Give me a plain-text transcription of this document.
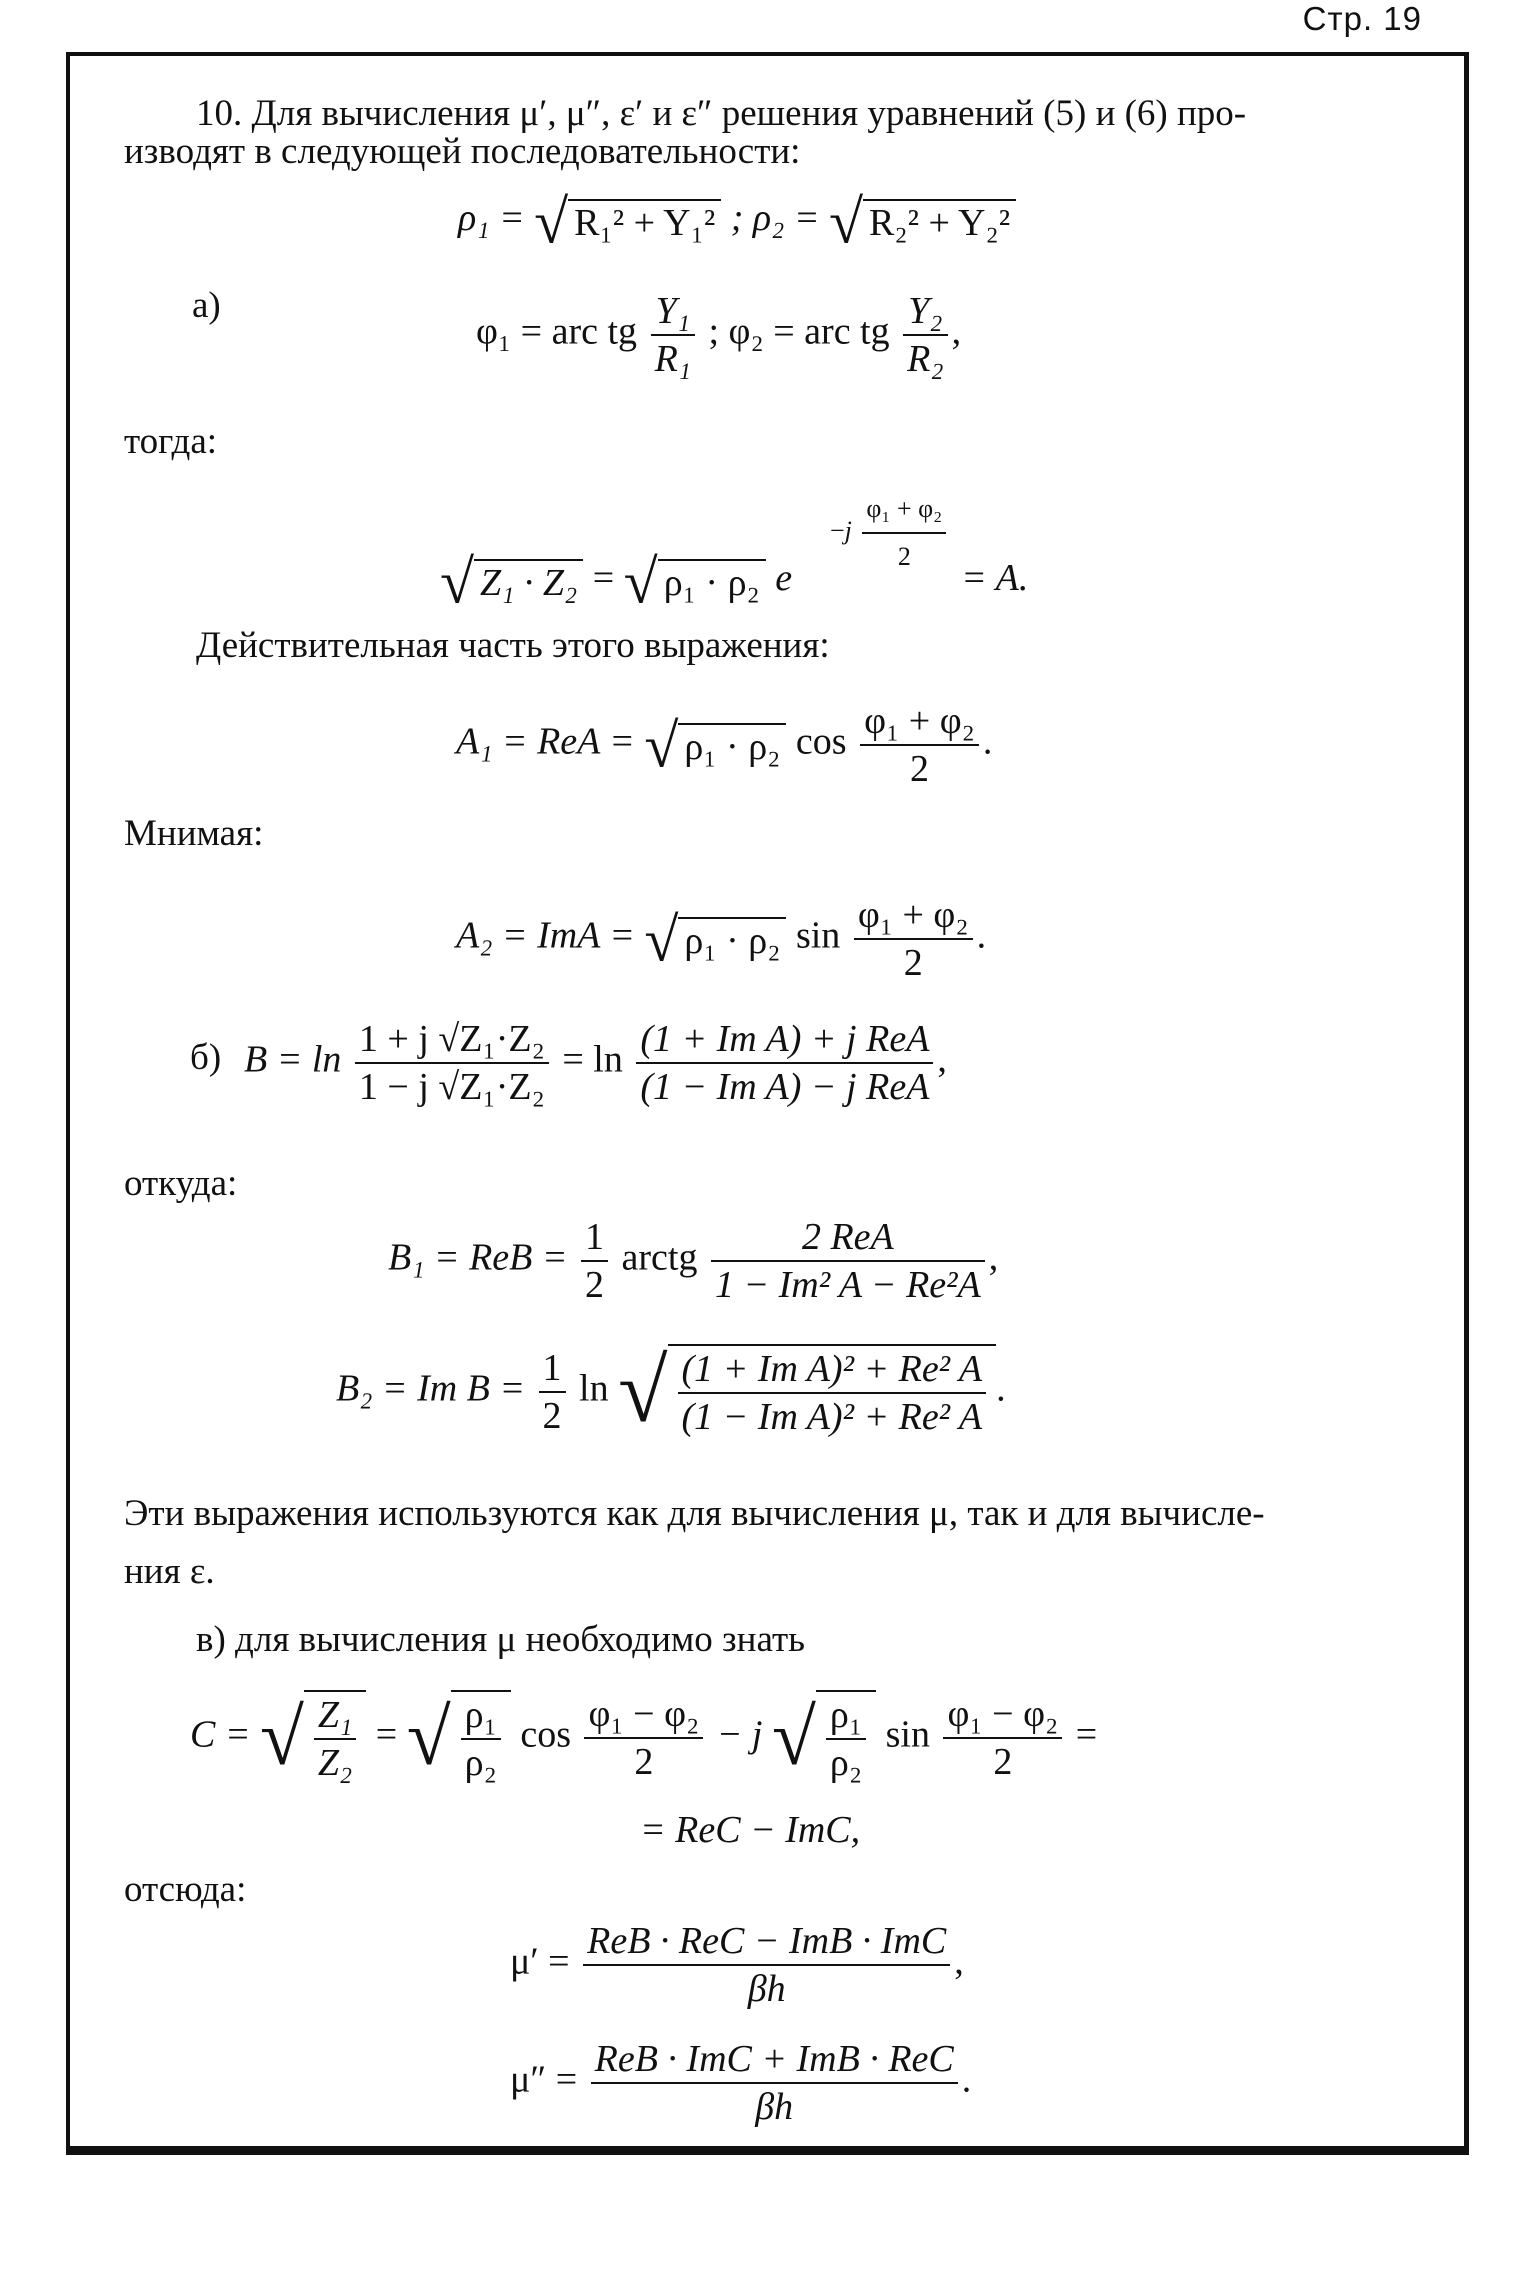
Стр. 19
10. Для вычисления μ′, μ″, ε′ и ε″ решения уравнений (5) и (6) про-
изводят в следующей последовательности:
ρ₁ = √ R₁² + Y₁² ; ρ₂ = √ R₂² + Y₂²
а)
φ₁ = arc tg $\frac{\text{Y₁}}{\text{R₁}}$ ; φ₂ = arc tg $\frac{\text{Y₂}}{\text{R₂}}$ ,
тогда:
$-j \frac{\text{φ₁ + φ₂}}{2}$
√ Z₁ · Z₂ = √ ρ₁ · ρ₂ e	= A.
Действительная часть этого выражения:
A₁ = ReA = √ ρ₁ · ρ₂ $\cos \frac{\text{φ₁ + φ₂}}{2}$ .
Мнимая:
A₂ = ImA = √ ρ₁ · ρ₂ $\sin \frac{\text{φ₁ + φ₂}}{2}$ .
б) $B = \ln \frac{\text{1 + j √Z₁·Z₂}}{\text{1 − j √Z₁·Z₂}} = \ln \frac{\text{(1 + Im A) + j ReA}}{\text{(1 − Im A) − j ReA}}$ ,
откуда:
B₁ = ReB = $\frac{1}{2}$ arctg $\frac{\text{2 ReA}}{\text{1 − Im² A − Re²A}}$ ,
B₂ = Im $B = \frac{1}{2}$ ln √ $\frac{\text{(1 + Im A)² + Re² A}}{\text{(1 − Im A)² + Re² A}}$ .
Эти выражения используются как для вычисления μ, так и для вычисле-
ния ε.
в) для вычисления μ необходимо знать
C = √ $\frac{\text{Z₁}}{\text{Z₂}}$ = √ $\frac{\text{ρ₁}}{\text{ρ₂}}$ $\cos \frac{\text{φ₁ − φ₂}}{2} - j$ √ $\frac{\text{ρ₁}}{\text{ρ₂}}$ $\sin \frac{\text{φ₁ − φ₂}}{2}$ =
= ReC − ImC,
отсюда:
$\mu' = \frac{\text{ReB · ReC − ImB · ImC}}{\beta h}$ ,
$\mu'' = \frac{\text{ReB · ImC + ImB · ReC}}{\beta h}$ .
